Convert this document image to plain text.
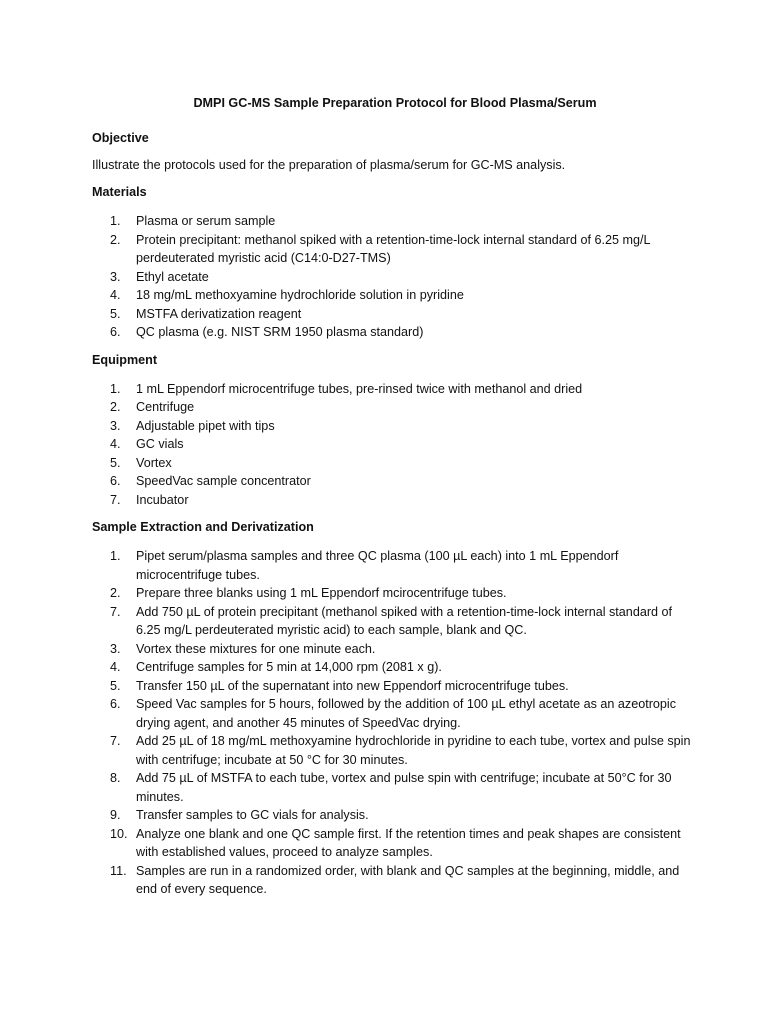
DMPI GC-MS Sample Preparation Protocol for Blood Plasma/Serum
Objective
Illustrate the protocols used for the preparation of plasma/serum for GC-MS analysis.
Materials
1.	Plasma or serum sample
2.	Protein precipitant: methanol spiked with a retention-time-lock internal standard of 6.25 mg/L perdeuterated myristic acid (C14:0-D27-TMS)
3.	Ethyl acetate
4.	18 mg/mL methoxyamine hydrochloride solution in pyridine
5.	MSTFA derivatization reagent
6.	QC plasma (e.g. NIST SRM 1950 plasma standard)
Equipment
1.	1 mL Eppendorf microcentrifuge tubes, pre-rinsed twice with methanol and dried
2.	Centrifuge
3.	Adjustable pipet with tips
4.	GC vials
5.	Vortex
6.	SpeedVac sample concentrator
7.	Incubator
Sample Extraction and Derivatization
1.	Pipet serum/plasma samples and three QC plasma (100 µL each) into 1 mL Eppendorf microcentrifuge tubes.
2.	Prepare three blanks using 1 mL Eppendorf mcirocentrifuge tubes.
7.	Add 750 µL of protein precipitant (methanol spiked with a retention-time-lock internal standard of 6.25 mg/L perdeuterated myristic acid) to each sample, blank and QC.
3.	Vortex these mixtures for one minute each.
4.	Centrifuge samples for 5 min at 14,000 rpm (2081 x g).
5.	Transfer 150 µL of the supernatant into new Eppendorf microcentrifuge tubes.
6.	Speed Vac samples for 5 hours, followed by the addition of 100 µL ethyl acetate as an azeotropic drying agent, and another 45 minutes of SpeedVac drying.
7.	Add 25 µL of 18 mg/mL methoxyamine hydrochloride in pyridine to each tube, vortex and pulse spin with centrifuge; incubate at 50 °C for 30 minutes.
8.	Add 75 µL of MSTFA to each tube, vortex and pulse spin with centrifuge; incubate at 50°C for 30 minutes.
9.	Transfer samples to GC vials for analysis.
10. Analyze one blank and one QC sample first. If the retention times and peak shapes are consistent with established values, proceed to analyze samples.
11. Samples are run in a randomized order, with blank and QC samples at the beginning, middle, and end of every sequence.
